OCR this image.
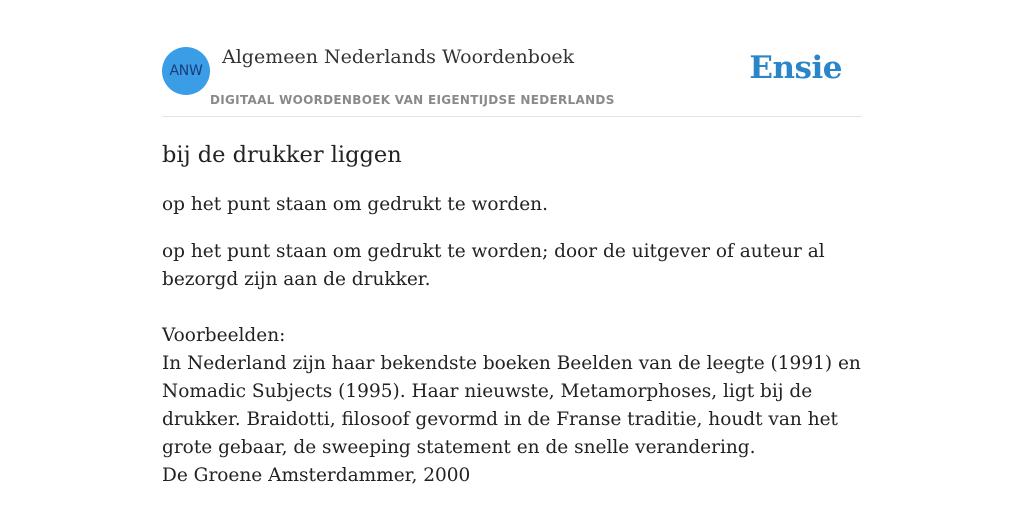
ANW
Algemeen Nederlands Woordenboek
DIGITAAL WOORDENBOEK VAN EIGENTIJDSE NEDERLANDS
Ensie
bij de drukker liggen

op het punt staan om gedrukt te worden.

op het punt staan om gedrukt te worden; door de uitgever of auteur al bezorgd zijn aan de drukker.

Voorbeelden:
In Nederland zijn haar bekendste boeken Beelden van de leegte (1991) en Nomadic Subjects (1995). Haar nieuwste, Metamorphoses, ligt bij de drukker. Braidotti, filosoof gevormd in de Franse traditie, houdt van het grote gebaar, de sweeping statement en de snelle verandering.
De Groene Amsterdammer, 2000
